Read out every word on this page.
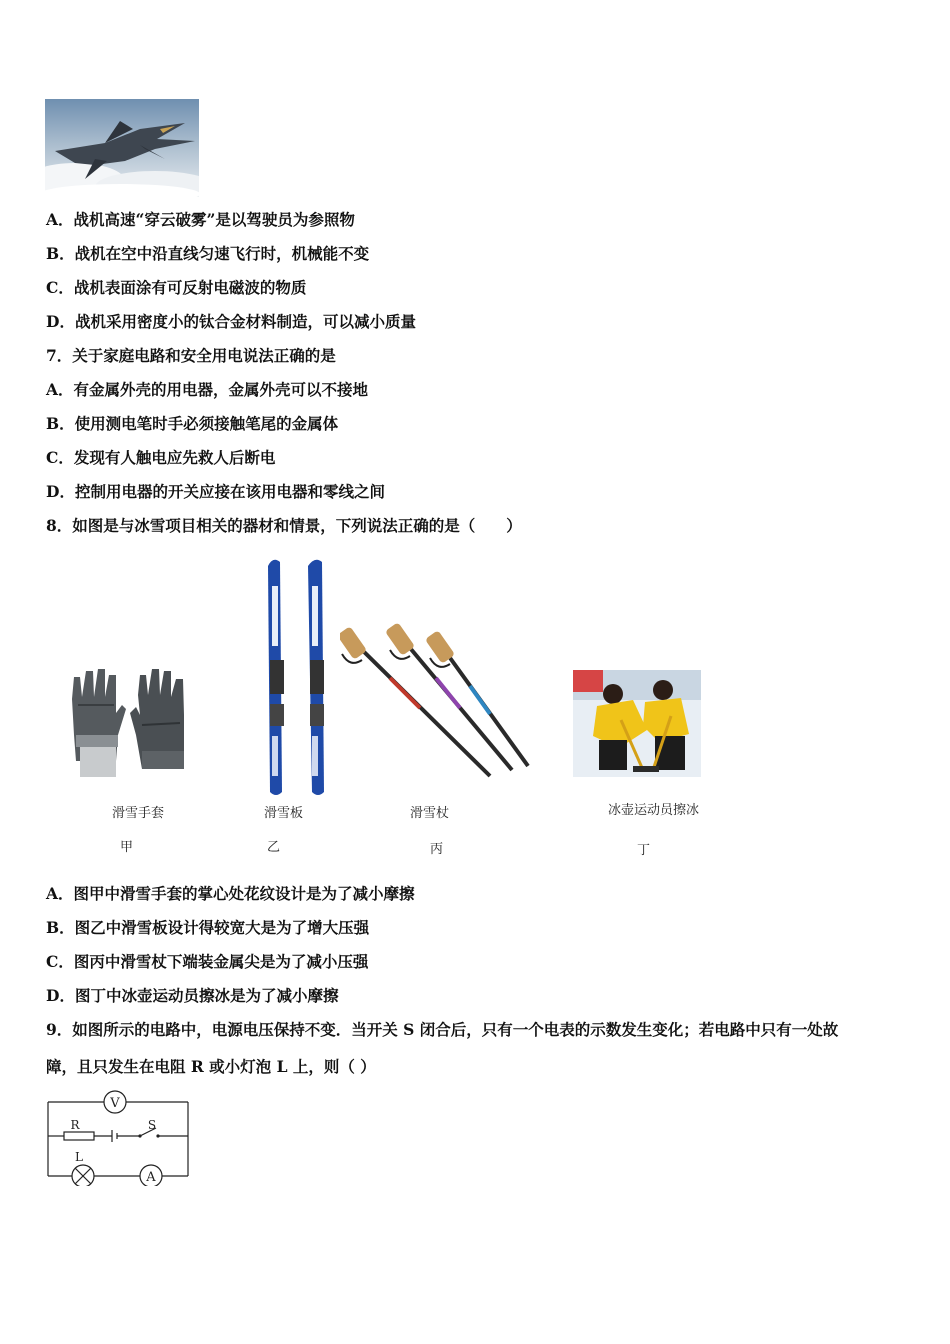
A．战机高速“穿云破雾”是以驾驶员为参照物
B．战机在空中沿直线匀速飞行时，机械能不变
C．战机表面涂有可反射电磁波的物质
D．战机采用密度小的钛合金材料制造，可以减小质量
7．关于家庭电路和安全用电说法正确的是
A．有金属外壳的用电器，金属外壳可以不接地
B．使用测电笔时手必须接触笔尾的金属体
C．发现有人触电应先救人后断电
D．控制用电器的开关应接在该用电器和零线之间
8．如图是与冰雪项目相关的器材和情景，下列说法正确的是（　　）
滑雪手套	滑雪板	滑雪杖	冰壶运动员擦冰
甲	乙	丙	丁
A．图甲中滑雪手套的掌心处花纹设计是为了减小摩擦
B．图乙中滑雪板设计得较宽大是为了增大压强
C．图丙中滑雪杖下端装金属尖是为了减小压强
D．图丁中冰壶运动员擦冰是为了减小摩擦
9．如图所示的电路中，电源电压保持不变．当开关 S 闭合后，只有一个电表的示数发生变化；若电路中只有一处故
障，且只发生在电阻 R 或小灯泡 L 上，则（ ）
V
A
R	S
L
